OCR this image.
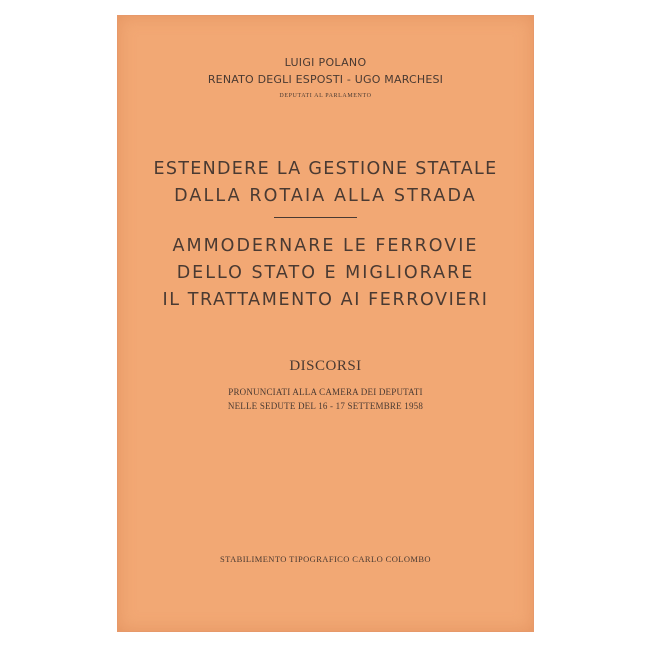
LUIGI POLANO
RENATO DEGLI ESPOSTI - UGO MARCHESI
DEPUTATI AL PARLAMENTO
ESTENDERE LA GESTIONE STATALE
DALLA ROTAIA ALLA STRADA
AMMODERNARE LE FERROVIE
DELLO STATO E MIGLIORARE
IL TRATTAMENTO AI FERROVIERI
DISCORSI
PRONUNCIATI ALLA CAMERA DEI DEPUTATI
NELLE SEDUTE DEL 16 - 17 SETTEMBRE 1958
STABILIMENTO TIPOGRAFICO CARLO COLOMBO
